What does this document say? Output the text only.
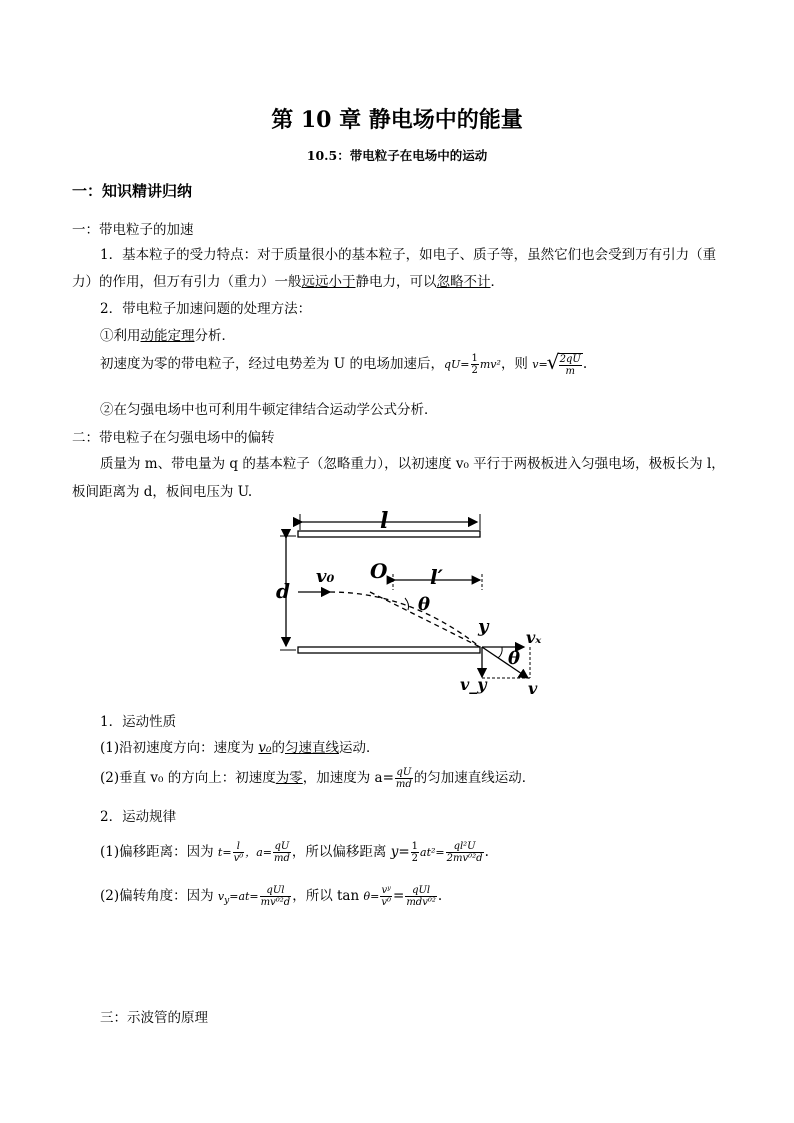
第 10 章 静电场中的能量
10.5：带电粒子在电场中的运动
一：知识精讲归纳
一：带电粒子的加速
1．基本粒子的受力特点：对于质量很小的基本粒子，如电子、质子等，虽然它们也会受到万有引力（重
力）的作用，但万有引力（重力）一般远远小于静电力，可以忽略不计．
2．带电粒子加速问题的处理方法：
①利用动能定理分析．
初速度为零的带电粒子，经过电势差为 U 的电场加速后，$qU= \frac{1}{2} mv^2$，则 v=
√ $\frac{2qU}{m}$ .
②在匀强电场中也可利用牛顿定律结合运动学公式分析．
二：带电粒子在匀强电场中的偏转
质量为 m、带电量为 q 的基本粒子（忽略重力），以初速度 v₀ 平行于两极板进入匀强电场，极板长为 l，
板间距离为 d，板间电压为 U.
l
d
v₀ O l′
θ
y
vₓ
v_y
θ
v
1．运动性质
(1)沿初速度方向：速度为 v₀的匀速直线运动．
(2)垂直 v₀ 的方向上：初速度为零，加速度为 $a= \frac{qU}{md}$ 的匀加速直线运动．
2．运动规律
(1)偏移距离：因为 $t= \frac{l}{\text{v⁰}}$ ，$a= \frac{qU}{md}$ ，所以偏移距离 $y= \frac{1}{2} at^2= \frac{\text{ql²U}}{\text{2mv⁰²d}}$ .
(2)偏转角度：因为 $v_y=at= \frac{\text{qUl}}{\text{mv⁰²d}}$ ，所以 $\tan \theta= \frac{\text{vʸ}}{\text{v⁰}} = \frac{\text{qUl}}{\text{mdv⁰²}}$ .
三：示波管的原理
